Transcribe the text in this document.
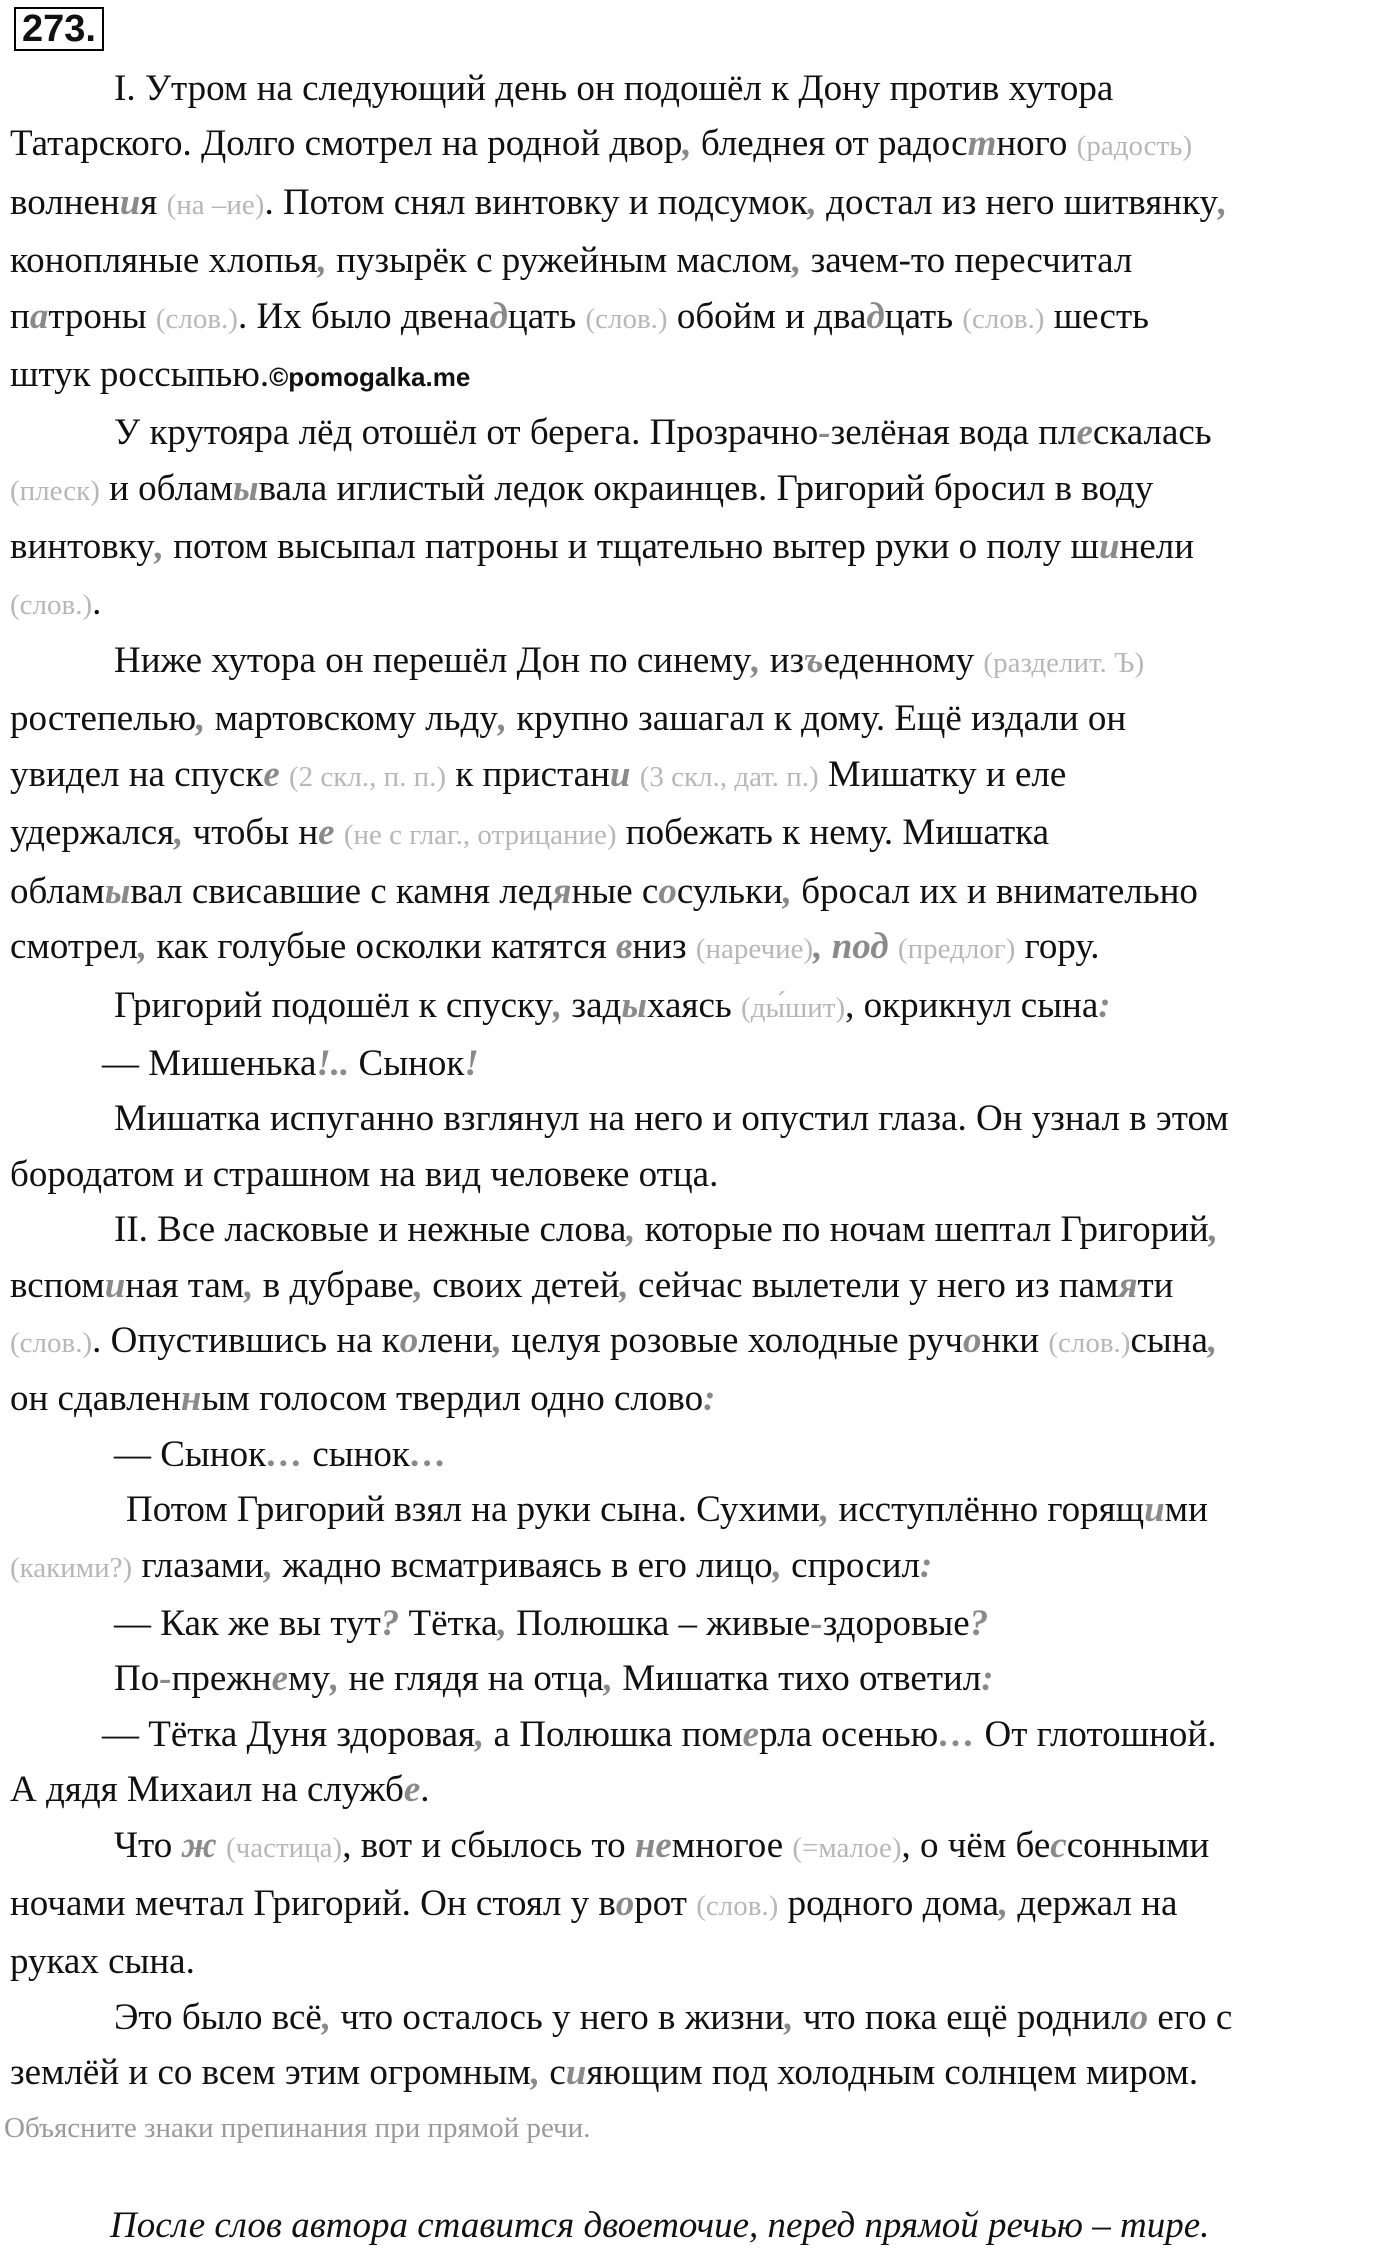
273.
I. Утром на следующий день он подошёл к Дону против хутора
Татарского. Долго смотрел на родной двор, бледнея от радостного (радость)
волнения (на –ие). Потом снял винтовку и подсумок, достал из него шитвянку,
конопляные хлопья, пузырёк с ружейным маслом, зачем-то пересчитал
патроны (слов.). Их было двенадцать (слов.) обойм и двадцать (слов.) шесть
штук россыпью.©pomogalka.me
У крутояра лёд отошёл от берега. Прозрачно-зелёная вода плескалась
(плеск) и обламывала иглистый ледок окраинцев. Григорий бросил в воду
винтовку, потом высыпал патроны и тщательно вытер руки о полу шинели
(слов.).
Ниже хутора он перешёл Дон по синему, изъеденному (разделит. Ъ)
ростепелью, мартовскому льду, крупно зашагал к дому. Ещё издали он
увидел на спуске (2 скл., п. п.) к пристани (3 скл., дат. п.) Мишатку и еле
удержался, чтобы не (не с глаг., отрицание) побежать к нему. Мишатка
обламывал свисавшие с камня ледяные сосульки, бросал их и внимательно
смотрел, как голубые осколки катятся вниз (наречие), под (предлог) гору.
Григорий подошёл к спуску, задыхаясь (ды́шит), окрикнул сына:
— Мишенька!.. Сынок!
Мишатка испуганно взглянул на него и опустил глаза. Он узнал в этом
бородатом и страшном на вид человеке отца.
II. Все ласковые и нежные слова, которые по ночам шептал Григорий,
вспоминая там, в дубраве, своих детей, сейчас вылетели у него из памяти
(слов.). Опустившись на колени, целуя розовые холодные ручонки (слов.)сына,
он сдавленным голосом твердил одно слово:
— Сынок… сынок…
Потом Григорий взял на руки сына. Сухими, исступлённо горящими
(какими?) глазами, жадно всматриваясь в его лицо, спросил:
— Как же вы тут? Тётка, Полюшка – живые-здоровые?
По-прежнему, не глядя на отца, Мишатка тихо ответил:
— Тётка Дуня здоровая, а Полюшка померла осенью… От глотошной.
А дядя Михаил на службе.
Что ж (частица), вот и сбылось то немногое (=малое), о чём бессонными
ночами мечтал Григорий. Он стоял у ворот (слов.) родного дома, держал на
руках сына.
Это было всё, что осталось у него в жизни, что пока ещё роднило его с
землёй и со всем этим огромным, сияющим под холодным солнцем миром.
Объясните знаки препинания при прямой речи.
После слов автора ставится двоеточие, перед прямой речью – тире.
